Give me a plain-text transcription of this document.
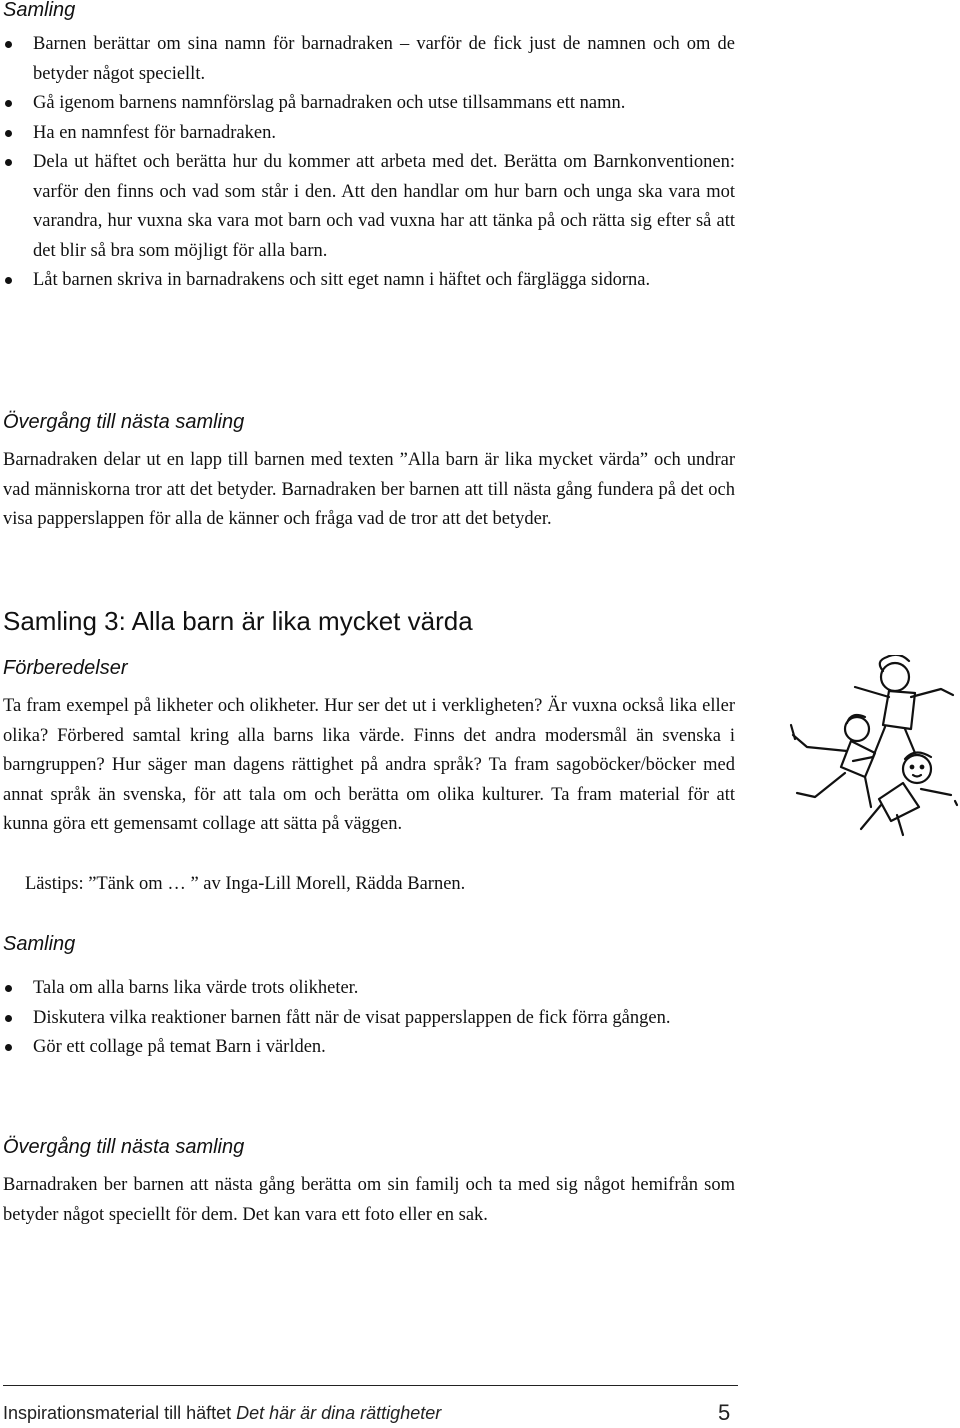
Samling
Barnen berättar om sina namn för barnadraken – varför de fick just de namnen och om de betyder något speciellt.
Gå igenom barnens namnförslag på barnadraken och utse tillsammans ett namn.
Ha en namnfest för barnadraken.
Dela ut häftet och berätta hur du kommer att arbeta med det. Berätta om Barnkonventionen: varför den finns och vad som står i den. Att den handlar om hur barn och unga ska vara mot varandra, hur vuxna ska vara mot barn och vad vuxna har att tänka på och rätta sig efter så att det blir så bra som möjligt för alla barn.
Låt barnen skriva in barnadrakens och sitt eget namn i häftet och färglägga sidorna.
Övergång till nästa samling

Barnadraken delar ut en lapp till barnen med texten ”Alla barn är lika mycket värda” och undrar vad människorna tror att det betyder. Barnadraken ber barnen att till nästa gång fundera på det och visa papperslappen för alla de känner och fråga vad de tror att det betyder.

Samling 3: Alla barn är lika mycket värda
Förberedelser

Ta fram exempel på likheter och olikheter. Hur ser det ut i verkligheten? Är vuxna också lika eller olika? Förbered samtal kring alla barns lika värde. Finns det andra modersmål än svenska i barngruppen? Hur säger man dagens rättighet på andra språk? Ta fram sagoböcker/böcker med annat språk än svenska, för att tala om och berätta om olika kulturer. Ta fram material för att kunna göra ett gemensamt collage att sätta på väggen.

Lästips: ”Tänk om … ” av Inga-Lill Morell, Rädda Barnen.

Samling
Tala om alla barns lika värde trots olikheter.
Diskutera vilka reaktioner barnen fått när de visat papperslappen de fick förra gången.
Gör ett collage på temat Barn i världen.
Övergång till nästa samling

Barnadraken ber barnen att nästa gång berätta om sin familj och ta med sig något hemifrån som betyder något speciellt för dem. Det kan vara ett foto eller en sak.

Inspirationsmaterial till häftet Det här är dina rättigheter	5
